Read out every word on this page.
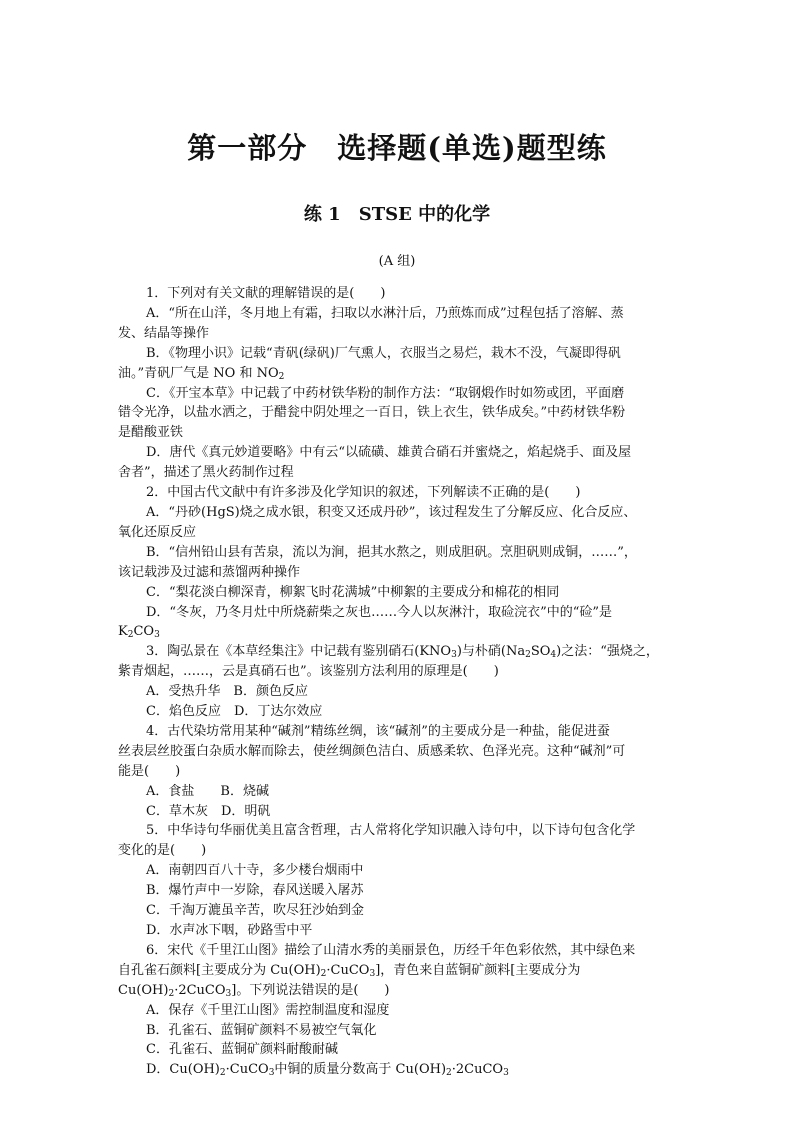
第一部分　选择题(单选)题型练
练 1　STSE 中的化学
(A 组)

1．下列对有关文献的理解错误的是(　　)

A．“所在山洋，冬月地上有霜，扫取以水淋汁后，乃煎炼而成”过程包括了溶解、蒸

发、结晶等操作

B．《物理小识》记载“青矾(绿矾)厂气熏人，衣服当之易烂，栽木不没，气凝即得矾

油。”青矾厂气是 NO 和 $NO_2$

C．《开宝本草》中记载了中药材铁华粉的制作方法：“取钢煅作时如笏或团，平面磨

错令光净，以盐水洒之，于醋瓮中阴处埋之一百日，铁上衣生，铁华成矣。”中药材铁华粉

是醋酸亚铁

D．唐代《真元妙道要略》中有云“以硫磺、雄黄合硝石并蜜烧之，焰起烧手、面及屋

舍者”，描述了黑火药制作过程

2．中国古代文献中有许多涉及化学知识的叙述，下列解读不正确的是(　　)

A．“丹砂(HgS)烧之成水银，积变又还成丹砂”，该过程发生了分解反应、化合反应、

氧化还原反应

B．“信州铅山县有苦泉，流以为涧，挹其水熬之，则成胆矾。烹胆矾则成铜，……”，

该记载涉及过滤和蒸馏两种操作

C．“梨花淡白柳深青，柳絮飞时花满城”中柳絮的主要成分和棉花的相同

D．“冬灰，乃冬月灶中所烧薪柴之灰也……今人以灰淋汁，取硷浣衣”中的“硷”是

$K_2CO_3$

3．陶弘景在《本草经集注》中记载有鉴别硝石$(KNO_3)$与朴硝$(Na_2SO_4)$之法：“强烧之，

紫青烟起，……，云是真硝石也”。该鉴别方法利用的原理是(　　)

A．受热升华　B．颜色反应

C．焰色反应　D．丁达尔效应

4．古代染坊常用某种“碱剂”精练丝绸，该“碱剂”的主要成分是一种盐，能促进蚕

丝表层丝胶蛋白杂质水解而除去，使丝绸颜色洁白、质感柔软、色泽光亮。这种“碱剂”可

能是(　　)

A．食盐　　B．烧碱

C．草木灰　D．明矾

5．中华诗句华丽优美且富含哲理，古人常将化学知识融入诗句中，以下诗句包含化学

变化的是(　　)

A．南朝四百八十寺，多少楼台烟雨中

B．爆竹声中一岁除，春风送暖入屠苏

C．千淘万漉虽辛苦，吹尽狂沙始到金

D．水声冰下咽，砂路雪中平

6．宋代《千里江山图》描绘了山清水秀的美丽景色，历经千年色彩依然，其中绿色来

自孔雀石颜料[主要成分为 $Cu(OH)_2\cdot CuCO_3$]，青色来自蓝铜矿颜料[主要成分为

$Cu(OH)_2\cdot 2CuCO_3$]。下列说法错误的是(　　)

A．保存《千里江山图》需控制温度和湿度

B．孔雀石、蓝铜矿颜料不易被空气氧化

C．孔雀石、蓝铜矿颜料耐酸耐碱

D．$Cu(OH)_2\cdot CuCO_3$中铜的质量分数高于 $Cu(OH)_2\cdot 2CuCO_3$
